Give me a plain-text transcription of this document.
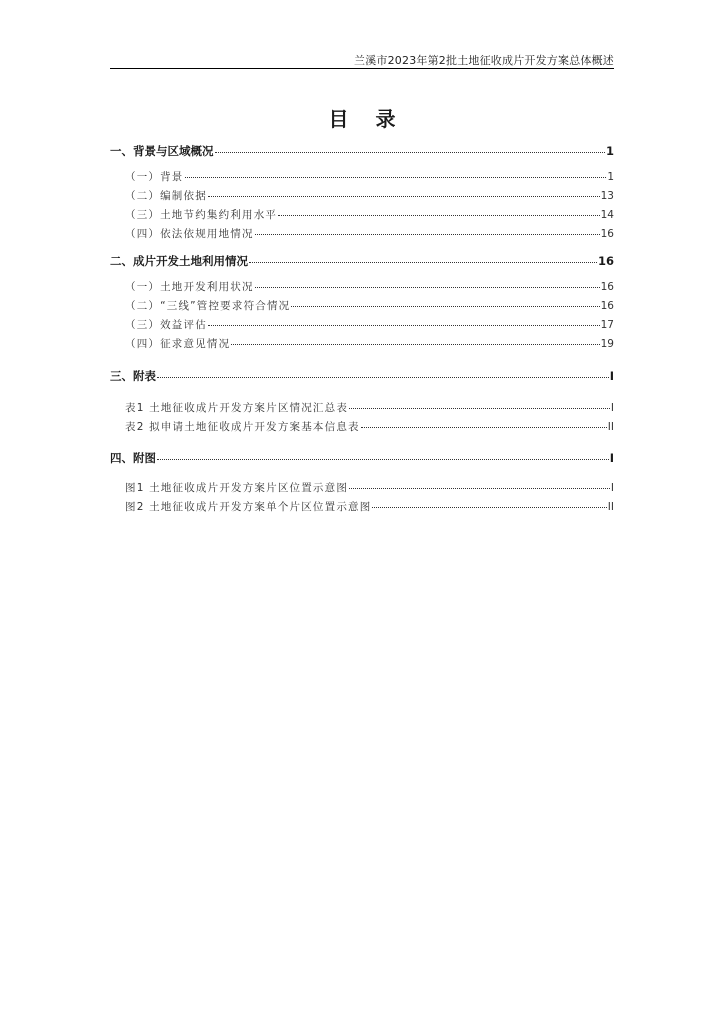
兰溪市2023年第2批土地征收成片开发方案总体概述
目 录
一、背景与区域概况	1
（一）背景	1
（二）编制依据	13
（三）土地节约集约利用水平	14
（四）依法依规用地情况	16
二、成片开发土地利用情况	16
（一）土地开发利用状况	16
（二）“三线”管控要求符合情况	16
（三）效益评估	17
（四）征求意见情况	19
三、附表	I
表1 土地征收成片开发方案片区情况汇总表	I
表2 拟申请土地征收成片开发方案基本信息表	II
四、附图	I
图1 土地征收成片开发方案片区位置示意图	I
图2 土地征收成片开发方案单个片区位置示意图	II
